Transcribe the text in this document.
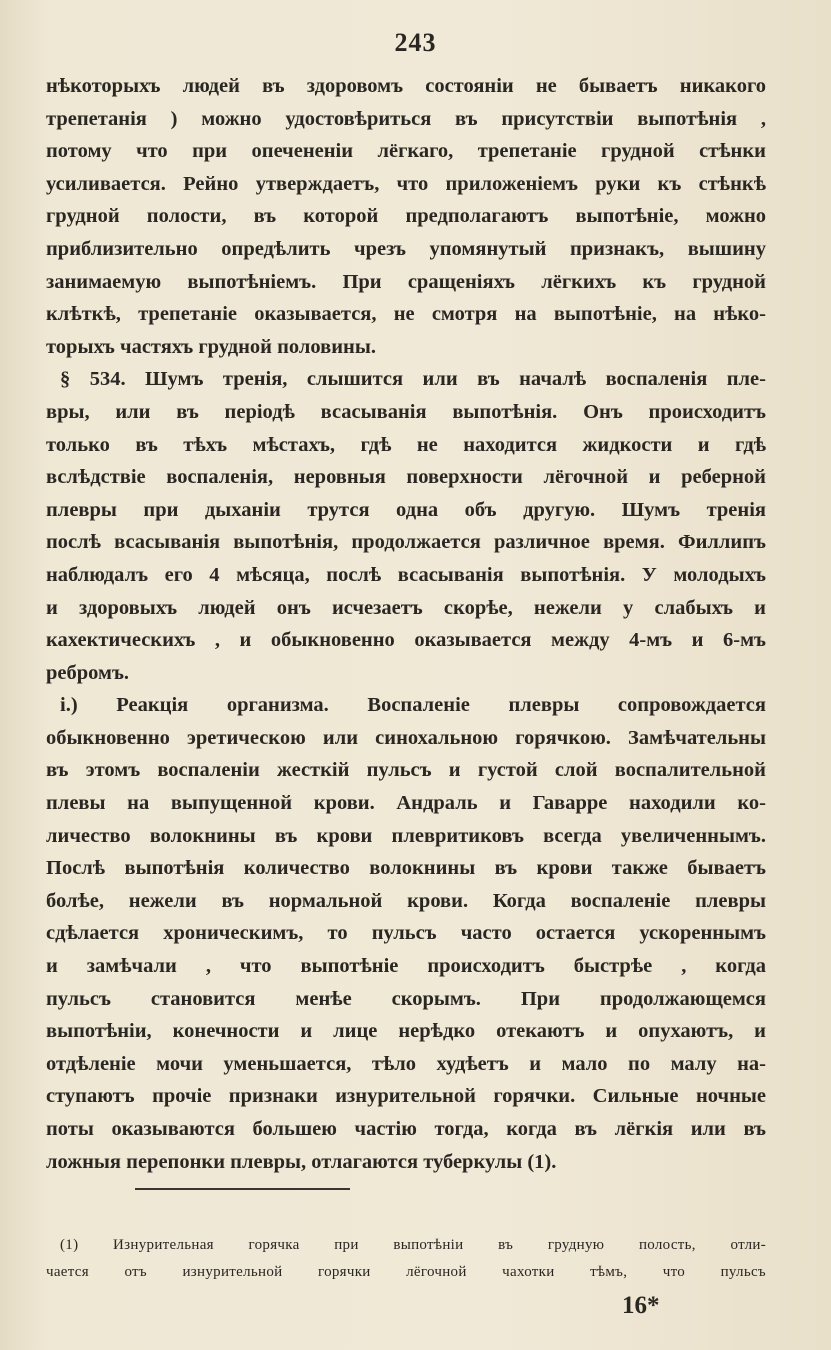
243
нѣкоторыхъ людей въ здоровомъ состояніи не бываетъ никакого
трепетанія ) можно удостовѣриться въ присутствіи выпотѣнія ,
потому что при опечененіи лёгкаго, трепетаніе грудной стѣнки
усиливается. Рейно утверждаетъ, что приложеніемъ руки къ стѣнкѣ
грудной полости, въ которой предполагаютъ выпотѣніе, можно
приблизительно опредѣлить чрезъ упомянутый признакъ, вышину
занимаемую выпотѣніемъ. При сращеніяхъ лёгкихъ къ грудной
клѣткѣ, трепетаніе оказывается, не смотря на выпотѣніе, на нѣко-
торыхъ частяхъ грудной половины.
§ 534. Шумъ тренія, слышится или въ началѣ воспаленія пле-
вры, или въ періодѣ всасыванія выпотѣнія. Онъ происходитъ
только въ тѣхъ мѣстахъ, гдѣ не находится жидкости и гдѣ
вслѣдствіе воспаленія, неровныя поверхности лёгочной и реберной
плевры при дыханіи трутся одна объ другую. Шумъ тренія
послѣ всасыванія выпотѣнія, продолжается различное время. Филлипъ
наблюдалъ его 4 мѣсяца, послѣ всасыванія выпотѣнія. У молодыхъ
и здоровыхъ людей онъ исчезаетъ скорѣе, нежели у слабыхъ и
кахектическихъ , и обыкновенно оказывается между 4-мъ и 6-мъ
ребромъ.
i.) Реакція организма. Воспаленіе плевры сопровождается
обыкновенно эретическою или синохальною горячкою. Замѣчательны
въ этомъ воспаленіи жесткій пульсъ и густой слой воспалительной
плевы на выпущенной крови. Андраль и Гаварре находили ко-
личество волокнины въ крови плевритиковъ всегда увеличеннымъ.
Послѣ выпотѣнія количество волокнины въ крови также бываетъ
болѣе, нежели въ нормальной крови. Когда воспаленіе плевры
сдѣлается хроническимъ, то пульсъ часто остается ускореннымъ
и замѣчали , что выпотѣніе происходитъ быстрѣе , когда
пульсъ становится менѣе скорымъ. При продолжающемся
выпотѣніи, конечности и лице нерѣдко отекаютъ и опухаютъ, и
отдѣленіе мочи уменьшается, тѣло худѣетъ и мало по малу на-
ступаютъ прочіе признаки изнурительной горячки. Сильные ночные
поты оказываются большею частію тогда, когда въ лёгкія или въ
ложныя перепонки плевры, отлагаются туберкулы (1).
(1) Изнурительная горячка при выпотѣніи въ грудную полость, отли-
чается отъ изнурительной горячки лёгочной чахотки тѣмъ, что пульсъ
16*
